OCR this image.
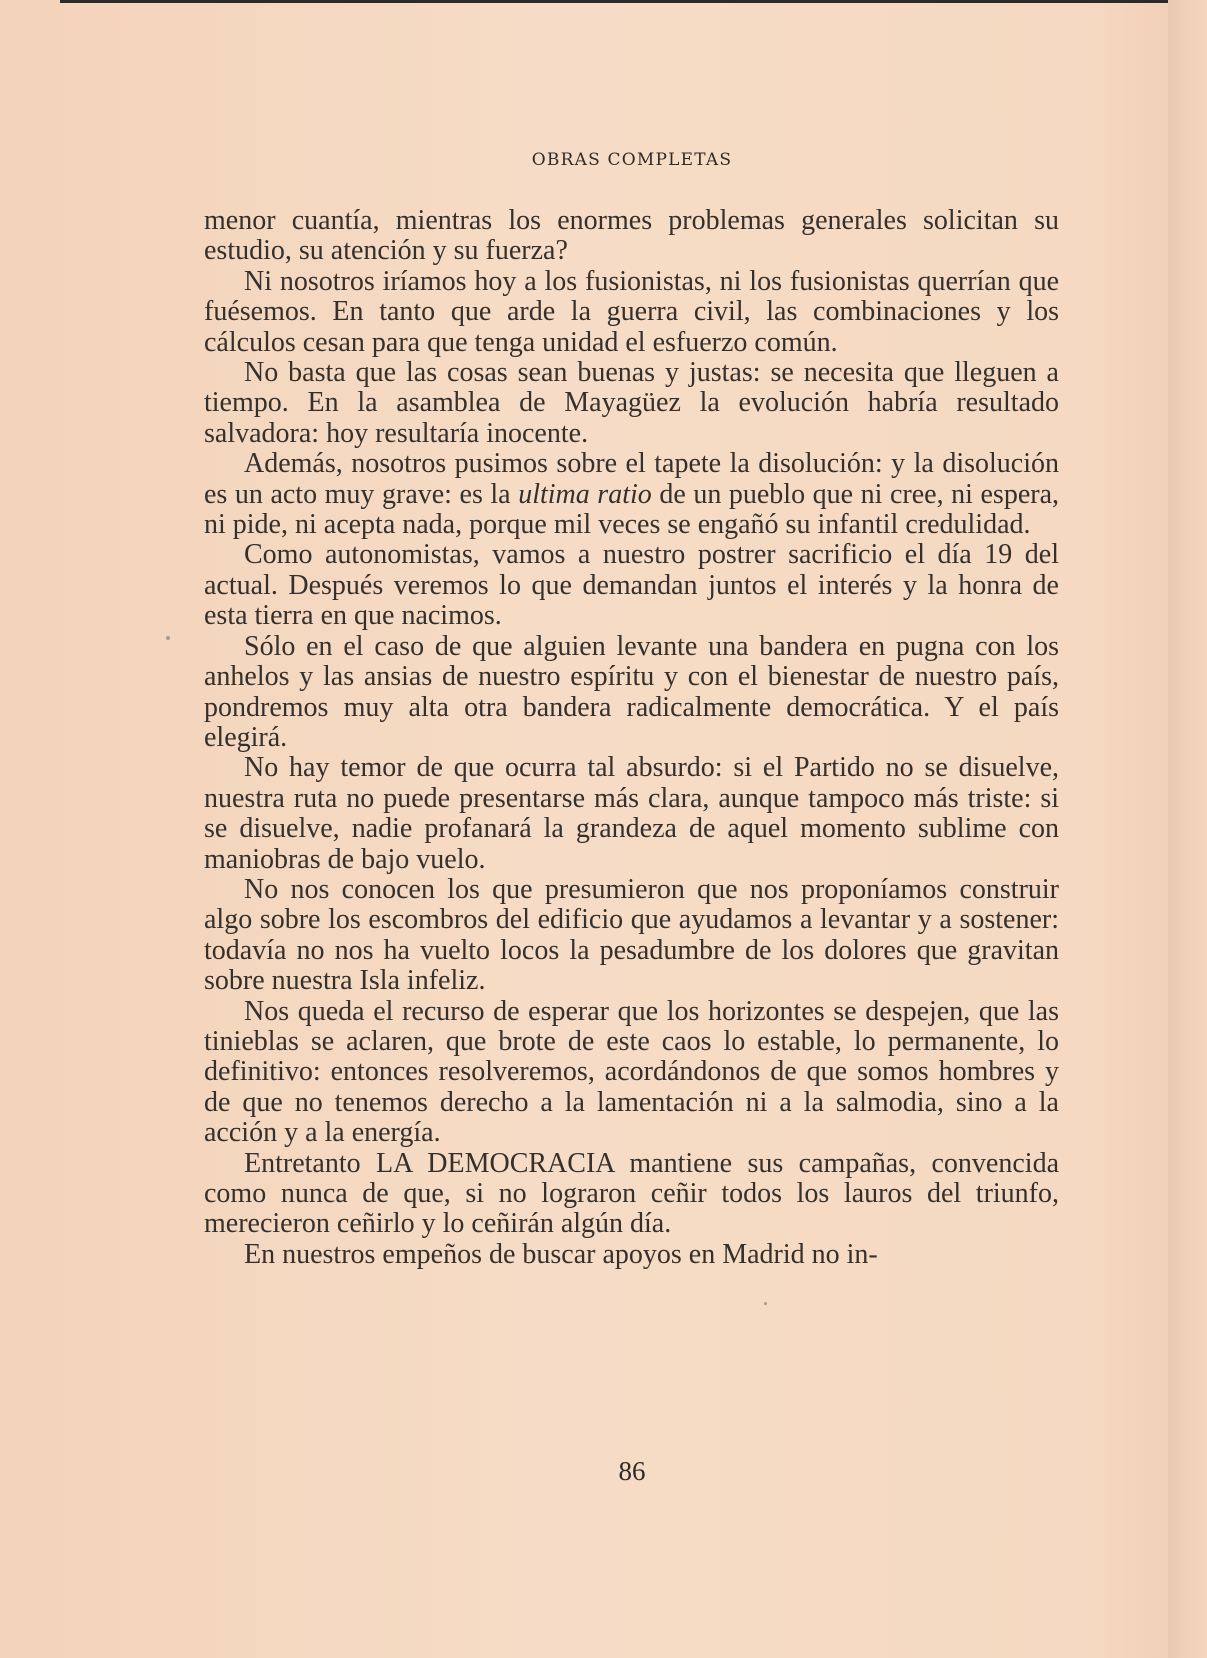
OBRAS COMPLETAS

menor cuantía, mientras los enormes problemas generales solicitan su estudio, su atención y su fuerza?

Ni nosotros iríamos hoy a los fusionistas, ni los fusionistas querrían que fuésemos. En tanto que arde la guerra civil, las combinaciones y los cálculos cesan para que tenga unidad el esfuerzo común.

No basta que las cosas sean buenas y justas: se necesita que lleguen a tiempo. En la asamblea de Mayagüez la evolución habría resultado salvadora: hoy resultaría inocente.

Además, nosotros pusimos sobre el tapete la disolución: y la disolución es un acto muy grave: es la ultima ratio de un pueblo que ni cree, ni espera, ni pide, ni acepta nada, porque mil veces se engañó su infantil credulidad.

Como autonomistas, vamos a nuestro postrer sacrificio el día 19 del actual. Después veremos lo que demandan juntos el interés y la honra de esta tierra en que nacimos.

Sólo en el caso de que alguien levante una bandera en pugna con los anhelos y las ansias de nuestro espíritu y con el bienestar de nuestro país, pondremos muy alta otra bandera radicalmente democrática. Y el país elegirá.

No hay temor de que ocurra tal absurdo: si el Partido no se disuelve, nuestra ruta no puede presentarse más clara, aunque tampoco más triste: si se disuelve, nadie profanará la grandeza de aquel momento sublime con maniobras de bajo vuelo.

No nos conocen los que presumieron que nos proponíamos construir algo sobre los escombros del edificio que ayudamos a levantar y a sostener: todavía no nos ha vuelto locos la pesadumbre de los dolores que gravitan sobre nuestra Isla infeliz.

Nos queda el recurso de esperar que los horizontes se despejen, que las tinieblas se aclaren, que brote de este caos lo estable, lo permanente, lo definitivo: entonces resolveremos, acordándonos de que somos hombres y de que no tenemos derecho a la lamentación ni a la salmodia, sino a la acción y a la energía.

Entretanto LA DEMOCRACIA mantiene sus campañas, convencida como nunca de que, si no lograron ceñir todos los lauros del triunfo, merecieron ceñirlo y lo ceñirán algún día.

En nuestros empeños de buscar apoyos en Madrid no in-

86
